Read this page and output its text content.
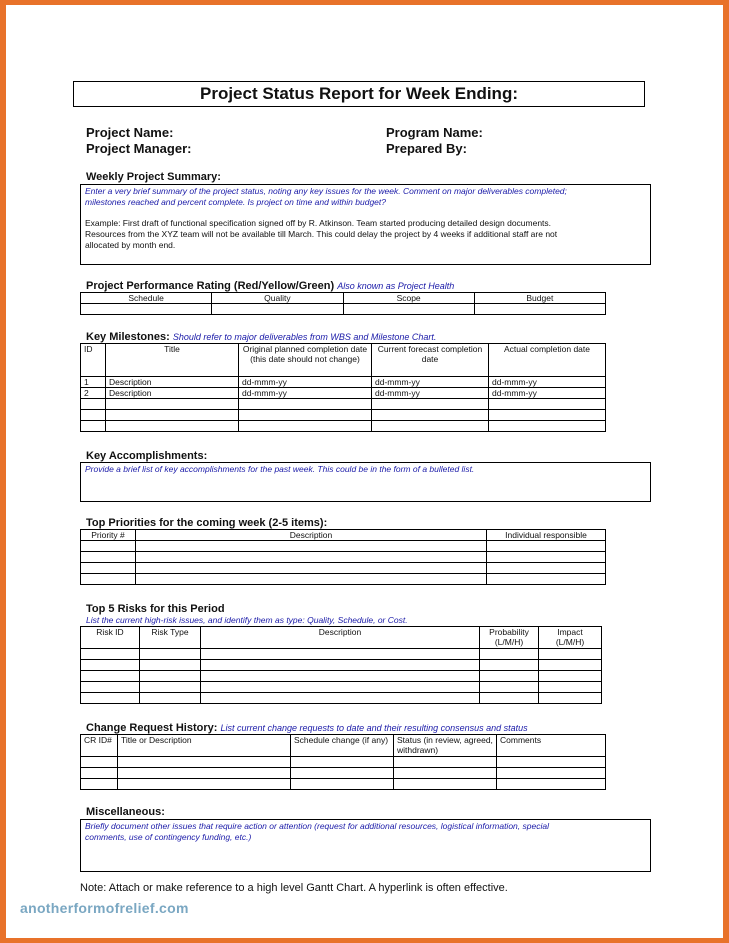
Project Status Report for Week Ending:
Project Name:	Program Name:
Project Manager:	Prepared By:
Weekly Project Summary:
Enter a very brief summary of the project status, noting any key issues for the week. Comment on major deliverables completed;
milestones reached and percent complete. Is project on time and within budget?
Example: First draft of functional specification signed off by R. Atkinson. Team started producing detailed design documents.
Resources from the XYZ team will not be available till March. This could delay the project by 4 weeks if additional staff are not
allocated by month end.
Project Performance Rating (Red/Yellow/Green) Also known as Project Health
Schedule	Quality	Scope	Budget

Key Milestones: Should refer to major deliverables from WBS and Milestone Chart.
ID	Title	Original planned completion date (this date should not change)	Current forecast completion date	Actual completion date
1	Description	dd-mmm-yy	dd-mmm-yy	dd-mmm-yy
2	Description	dd-mmm-yy	dd-mmm-yy	dd-mmm-yy

Key Accomplishments:
Provide a brief list of key accomplishments for the past week. This could be in the form of a bulleted list.
Top Priorities for the coming week (2-5 items):
Priority #	Description	Individual responsible

Top 5 Risks for this Period
List the current high-risk issues, and identify them as type: Quality, Schedule, or Cost.
Risk ID	Risk Type	Description	Probability (L/M/H)	Impact (L/M/H)

Change Request History: List current change requests to date and their resulting consensus and status
CR ID#	Title or Description	Schedule change (if any)	Status (in review, agreed, withdrawn)	Comments

Miscellaneous:
Briefly document other issues that require action or attention (request for additional resources, logistical information, special
comments, use of contingency funding, etc.)
Note: Attach or make reference to a high level Gantt Chart. A hyperlink is often effective.
anotherformofrelief.com
